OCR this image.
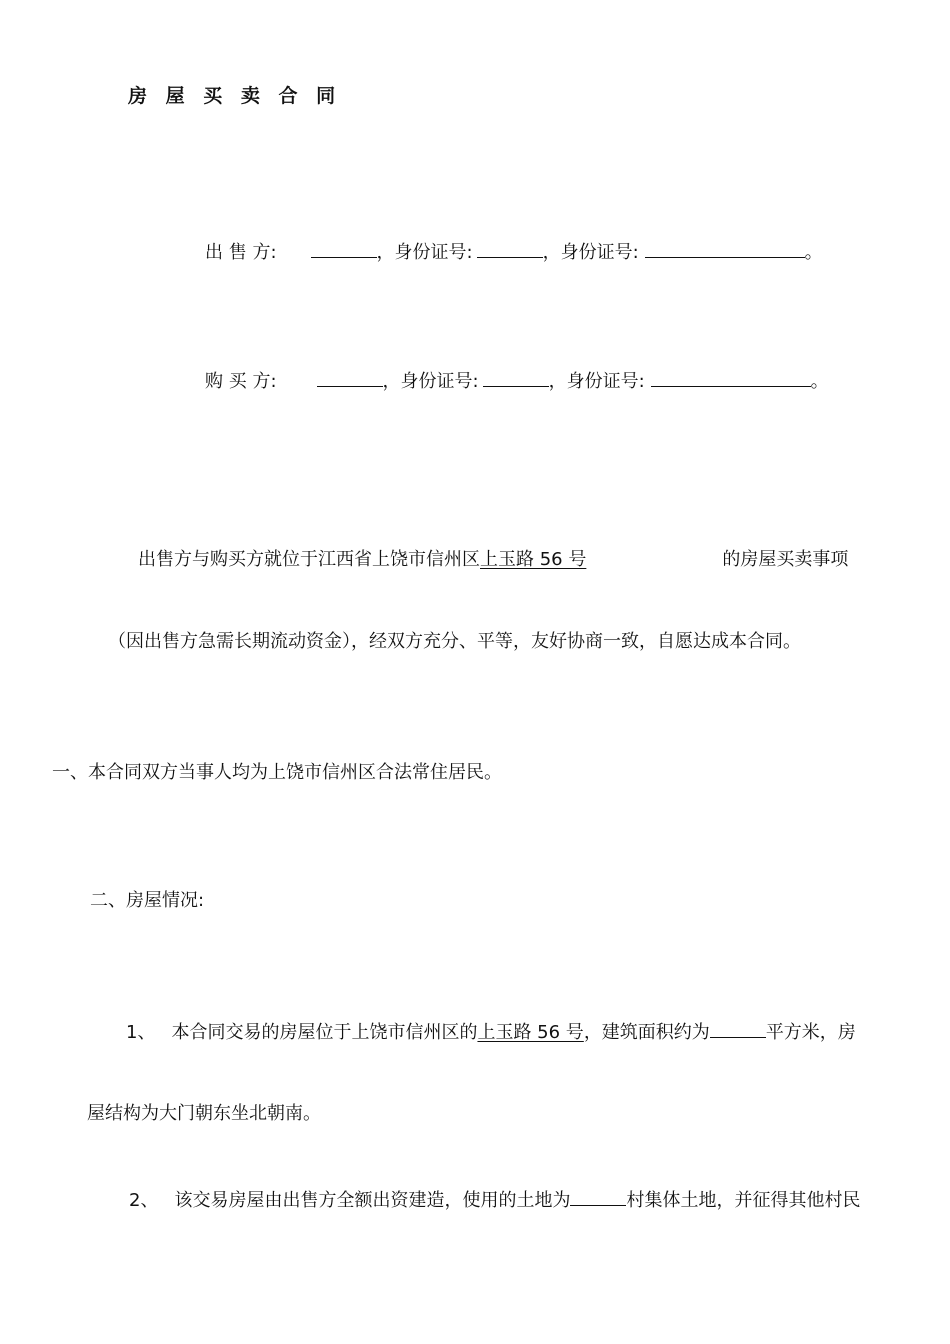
房 屋 买 卖 合 同
出 售 方:	，身份证号:	，身份证号:	。
购 买 方:	，身份证号:	，身份证号:	。
出售方与购买方就位于江西省上饶市信州区上玉路 56 号	的房屋买卖事项
（因出售方急需长期流动资金），经双方充分、平等，友好协商一致，自愿达成本合同。
一、本合同双方当事人均为上饶市信州区合法常住居民。
二、房屋情况:
1、 本合同交易的房屋位于上饶市信州区的上玉路 56 号，建筑面积约为	平方米，房
屋结构为大门朝东坐北朝南。
2、 该交易房屋由出售方全额出资建造，使用的土地为	村集体土地，并征得其他村民
